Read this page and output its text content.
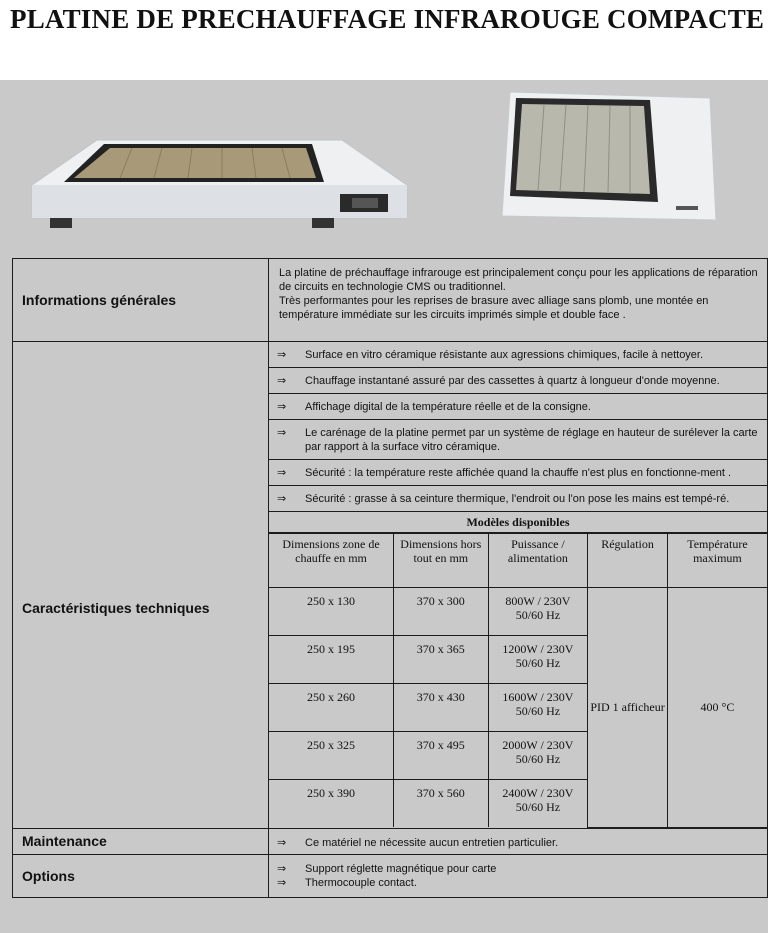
PLATINE DE PRECHAUFFAGE INFRAROUGE COMPACTE
Informations générales	
La platine de préchauffage infrarouge est principalement conçu pour les applications de réparation de circuits en technologie CMS ou traditionnel.
Très performantes pour les reprises de brasure avec alliage sans plomb, une montée en température immédiate sur les circuits imprimés simple et double face .

Caractéristiques techniques	
⇒	Surface en vitro céramique résistante aux agressions chimiques, facile à nettoyer.
⇒	Chauffage instantané assuré par des cassettes à quartz à longueur d'onde moyenne.
⇒	Affichage digital de la température réelle et de la consigne.
⇒	Le carénage de la platine permet par un système de réglage en hauteur de surélever la carte par rapport à la surface vitro céramique.
⇒	Sécurité : la température reste affichée quand la chauffe n'est plus en fonctionne-ment .
⇒	Sécurité : grasse à sa ceinture thermique, l'endroit ou l'on pose les mains est tempé-ré.
Modèles disponibles
Dimensions zone de chauffe en mm	Dimensions hors tout en mm	Puissance / alimentation	Régulation	Température maximum
250 x 130	370 x 300	800W / 230V 50/60 Hz	PID 1 afficheur	400 °C
250 x 195	370 x 365	1200W / 230V 50/60 Hz
250 x 260	370 x 430	1600W / 230V 50/60 Hz
250 x 325	370 x 495	2000W / 230V 50/60 Hz
250 x 390	370 x 560	2400W / 230V 50/60 Hz

Maintenance	⇒	Ce matériel ne nécessite aucun entretien particulier.

Options	⇒	Support réglette magnétique pour carte
⇒	Thermocouple contact.
